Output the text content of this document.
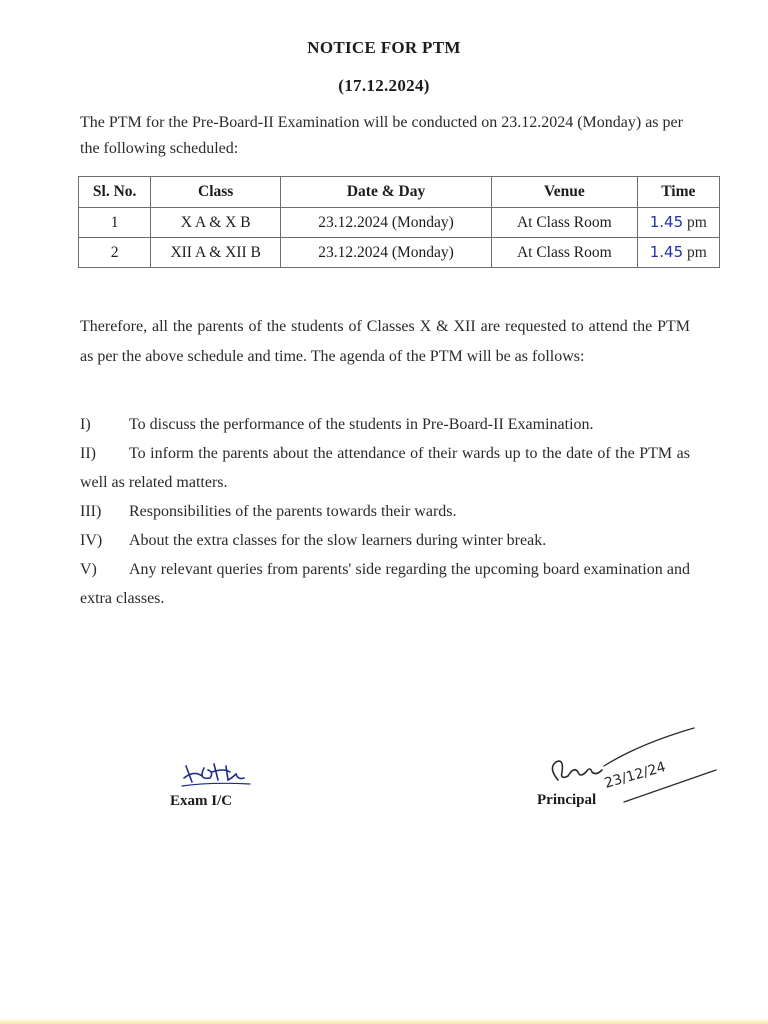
NOTICE FOR PTM
(17.12.2024)
The PTM for the Pre-Board-II Examination will be conducted on 23.12.2024 (Monday) as per the following scheduled:
Sl. No.	Class	Date & Day	Venue	Time
1	X A & X B	23.12.2024 (Monday)	At Class Room	1.45 pm
2	XII A & XII B	23.12.2024 (Monday)	At Class Room	1.45 pm
Therefore, all the parents of the students of Classes X & XII are requested to attend the PTM as per the above schedule and time. The agenda of the PTM will be as follows:
I)	To discuss the performance of the students in Pre-Board-II Examination.
II)	To inform the parents about the attendance of their wards up to the date of the PTM as well as related matters.
III)	Responsibilities of the parents towards their wards.
IV)	About the extra classes for the slow learners during winter break.
V)	Any relevant queries from parents' side regarding the upcoming board examination and extra classes.
Exam I/C
23/12/24
Principal
